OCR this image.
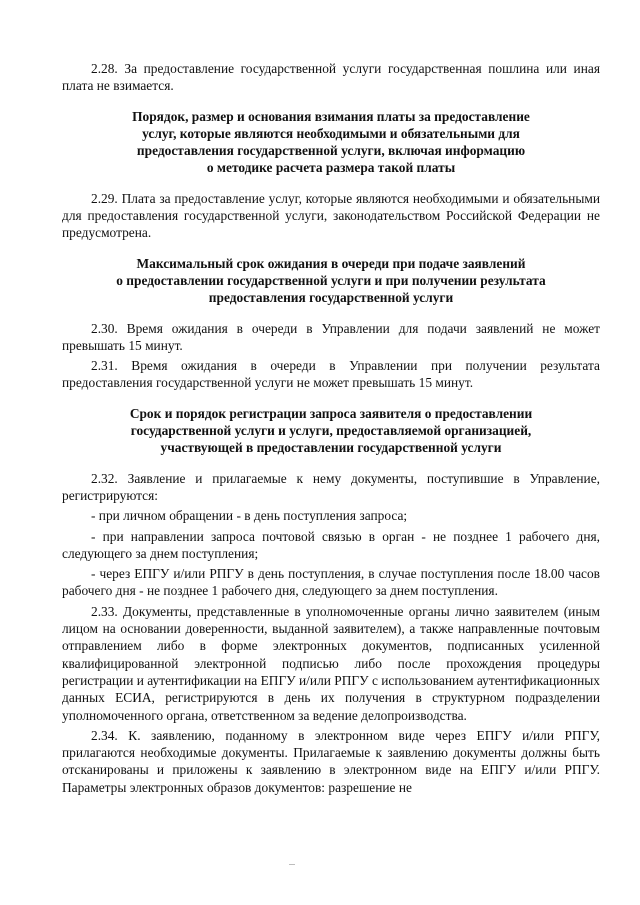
2.28. За предоставление государственной услуги государственная пошлина или иная плата не взимается.

Порядок, размер и основания взимания платы за предоставление

услуг, которые являются необходимыми и обязательными для

предоставления государственной услуги, включая информацию

о методике расчета размера такой платы

2.29. Плата за предоставление услуг, которые являются необходимыми и обязательными для предоставления государственной услуги, законодательством Российской Федерации не предусмотрена.

Максимальный срок ожидания в очереди при подаче заявлений

о предоставлении государственной услуги и при получении результата

предоставления государственной услуги

2.30. Время ожидания в очереди в Управлении для подачи заявлений не может превышать 15 минут.

2.31. Время ожидания в очереди в Управлении при получении результата предоставления государственной услуги не может превышать 15 минут.

Срок и порядок регистрации запроса заявителя о предоставлении

государственной услуги и услуги, предоставляемой организацией,

участвующей в предоставлении государственной услуги

2.32. Заявление и прилагаемые к нему документы, поступившие в Управление, регистрируются:

- при личном обращении - в день поступления запроса;

- при направлении запроса почтовой связью в орган - не позднее 1 рабочего дня, следующего за днем поступления;

- через ЕПГУ и/или РПГУ в день поступления, в случае поступления после 18.00 часов рабочего дня - не позднее 1 рабочего дня, следующего за днем поступления.

2.33. Документы, представленные в уполномоченные органы лично заявителем (иным лицом на основании доверенности, выданной заявителем), а также направленные почтовым отправлением либо в форме электронных документов, подписанных усиленной квалифицированной электронной подписью либо после прохождения процедуры регистрации и аутентификации на ЕПГУ и/или РПГУ с использованием аутентификационных данных ЕСИА, регистрируются в день их получения в структурном подразделении уполномоченного органа, ответственном за ведение делопроизводства.

2.34. К. заявлению, поданному в электронном виде через ЕПГУ и/или РПГУ, прилагаются необходимые документы. Прилагаемые к заявлению документы должны быть отсканированы и приложены к заявлению в электронном виде на ЕПГУ и/или РПГУ. Параметры электронных образов документов: разрешение не
